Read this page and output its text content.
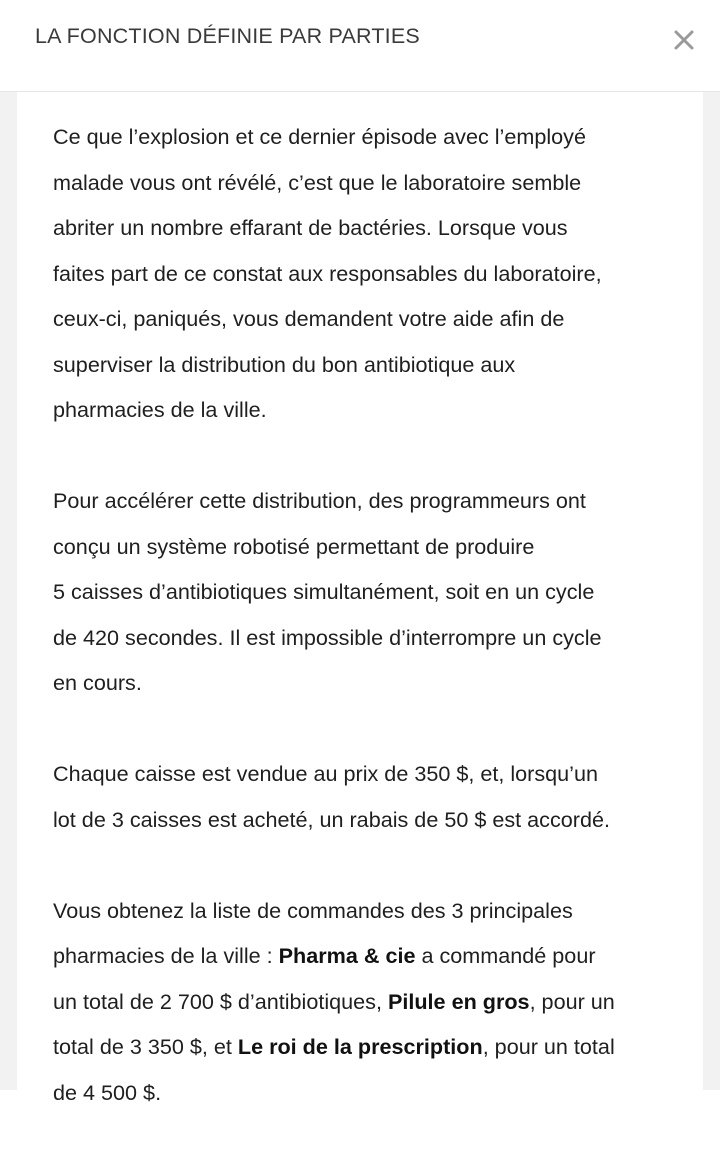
LA FONCTION DÉFINIE PAR PARTIES

Ce que l’explosion et ce dernier épisode avec l’employé
malade vous ont révélé, c’est que le laboratoire semble
abriter un nombre effarant de bactéries. Lorsque vous
faites part de ce constat aux responsables du laboratoire,
ceux-ci, paniqués, vous demandent votre aide afin de
superviser la distribution du bon antibiotique aux
pharmacies de la ville.

Pour accélérer cette distribution, des programmeurs ont
conçu un système robotisé permettant de produire
5 caisses d’antibiotiques simultanément, soit en un cycle
de 420 secondes. Il est impossible d’interrompre un cycle
en cours.

Chaque caisse est vendue au prix de 350 $, et, lorsqu’un
lot de 3 caisses est acheté, un rabais de 50 $ est accordé.

Vous obtenez la liste de commandes des 3 principales
pharmacies de la ville : Pharma & cie a commandé pour
un total de 2 700 $ d’antibiotiques, Pilule en gros, pour un
total de 3 350 $, et Le roi de la prescription, pour un total
de 4 500 $.
